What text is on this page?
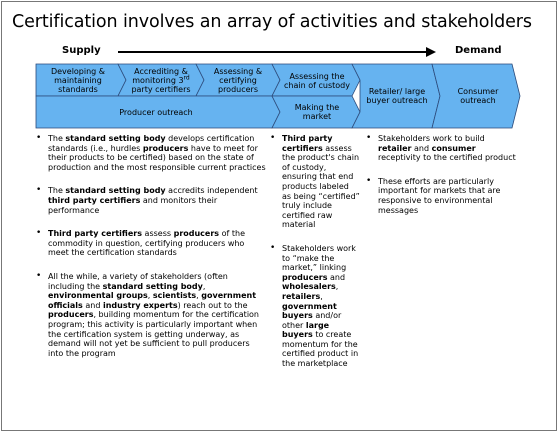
Certification involves an array of activities and stakeholders
Supply	Demand
Developing & maintaining standards
Accrediting & monitoring 3rd party certifiers
Assessing & certifying producers
Assessing the chain of custody
Producer outreach	Making the market
Retailer/ large buyer outreach
Consumer outreach
• The standard setting body develops certification standards (i.e., hurdles producers have to meet for their products to be certified) based on the state of production and the most responsible current practices
• The standard setting body accredits independent third party certifiers and monitors their performance
• Third party certifiers assess producers of the commodity in question, certifying producers who meet the certification standards
• All the while, a variety of stakeholders (often including the standard setting body, environmental groups, scientists, government officials and industry experts) reach out to the producers, building momentum for the certification program; this activity is particularly important when the certification system is getting underway, as demand will not yet be sufficient to pull producers into the program
• Third party certifiers assess the product's chain of custody, ensuring that end products labeled as being “certified” truly include certified raw material
• Stakeholders work to “make the market,” linking producers and wholesalers, retailers, government buyers and/or other large buyers to create momentum for the certified product in the marketplace
• Stakeholders work to build retailer and consumer receptivity to the certified product
• These efforts are particularly important for markets that are responsive to environmental messages
